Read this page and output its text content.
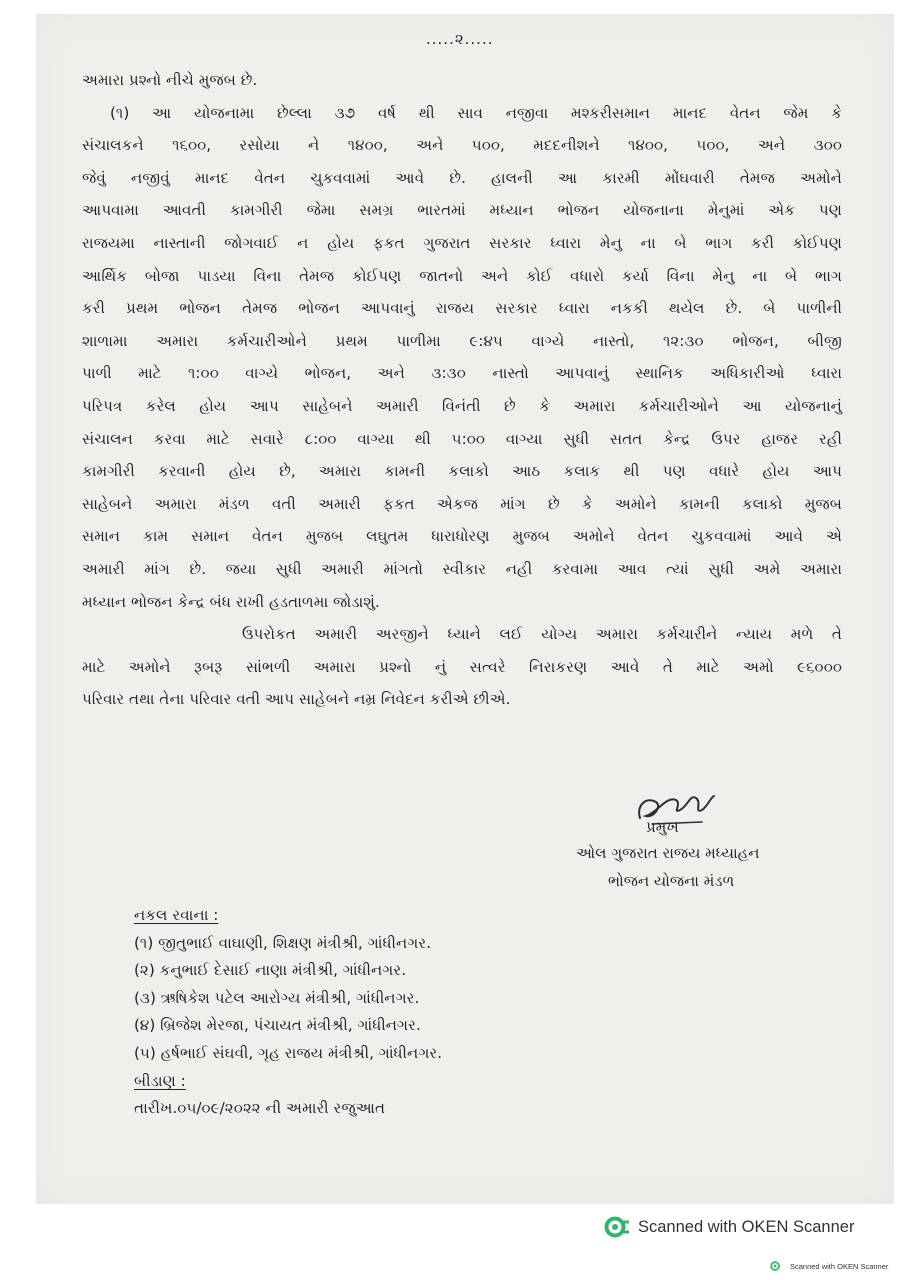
.....૨.....

અમારા પ્રશ્નો નીચે મુજબ છે.

(૧) આ યોજનામા છેલ્લા ૩૭ વર્ષ થી સાવ નજીવા મશ્કરીસમાન માનદ વેતન જેમ કે

સંચાલકને ૧૬૦૦, રસોયા ને ૧૪૦૦, અને ૫૦૦, મદદનીશને ૧૪૦૦, ૫૦૦, અને ૩૦૦

જેવું નજીવું માનદ વેતન ચુકવવામાં આવે છે. હાલની આ કારમી મોંઘવારી તેમજ અમોને

આપવામા આવતી કામગીરી જેમા સમગ્ર ભારતમાં મધ્યાન ભોજન યોજનાના મેનુમાં એક પણ

રાજયમા નાસ્તાની જોગવાઈ ન હોય ફકત ગુજરાત સરકાર ધ્વારા મેનુ ના બે ભાગ કરી કોઈપણ

આર્થિક બોજા પાડયા વિના તેમજ કોઈપણ જાતનો અને કોઈ વધારો કર્યા વિના મેનુ ના બે ભાગ

કરી પ્રથમ ભોજન તેમજ ભોજન આપવાનું રાજય સરકાર ધ્વારા નકકી થયેલ છે. બે પાળીની

શાળામા અમારા કર્મચારીઓને પ્રથમ પાળીમા ૯:૪૫ વાગ્યે નાસ્તો, ૧૨:૩૦ ભોજન, બીજી

પાળી માટે ૧:૦૦ વાગ્યે ભોજન, અને ૩:૩૦ નાસ્તો આપવાનું સ્થાનિક અધિકારીઓ ધ્વારા

પરિપત્ર કરેલ હોય આપ સાહેબને અમારી વિનંતી છે કે અમારા કર્મચારીઓને આ યોજનાનું

સંચાલન કરવા માટે સવારે ૮:૦૦ વાગ્યા થી ૫:૦૦ વાગ્યા સુધી સતત કેન્દ્ર ઉપર હાજર રહી

કામગીરી કરવાની હોય છે, અમારા કામની કલાકો આઠ કલાક થી પણ વધારે હોય આપ

સાહેબને અમારા મંડળ વતી અમારી ફકત એકજ માંગ છે કે અમોને કામની કલાકો મુજબ

સમાન કામ સમાન વેતન મુજબ લઘુતમ ધારાધોરણ મુજબ અમોને વેતન ચુકવવામાં આવે એ

અમારી માંગ છે. જયા સુધી અમારી માંગતો સ્વીકાર નહી કરવામા આવ ત્યાં સુધી અમે અમારા

મધ્યાન ભોજન કેન્દ્ર બંધ રાખી હડતાળમા જોડાશું.

ઉપરોકત અમારી અરજીને ધ્યાને લઈ યોગ્ય અમારા કર્મચારીને ન્યાય મળે તે

માટે અમોને રૂબરૂ સાંભળી અમારા પ્રશ્નો નું સત્વરે નિરાકરણ આવે તે માટે અમો ૯૬૦૦૦

પરિવાર તથા તેના પરિવાર વતી આપ સાહેબને નમ્ર નિવેદન કરીએ છીએ.

પ્રમુખ
ઓલ ગુજરાત રાજય મધ્યાહન
ભોજન યોજના મંડળ
નકલ રવાના :
(૧) જીતુભાઈ વાઘાણી, શિક્ષણ મંત્રીશ્રી, ગાંધીનગર.
(૨) કનુભાઈ દેસાઈ નાણા મંત્રીશ્રી, ગાંધીનગર.
(૩) ઋષિકેશ પટેલ આરોગ્ય મંત્રીશ્રી, ગાંધીનગર.
(૪) બ્રિજેશ મેરજા, પંચાયત મંત્રીશ્રી, ગાંધીનગર.
(૫) હર્ષભાઈ સંઘવી, ગૃહ રાજય મંત્રીશ્રી, ગાંધીનગર.
બીડાણ :
તારીખ.૦૫/૦૯/૨૦૨૨ ની અમારી રજુઆત
Scanned with OKEN Scanner
Scanned with OKEN Scanner
